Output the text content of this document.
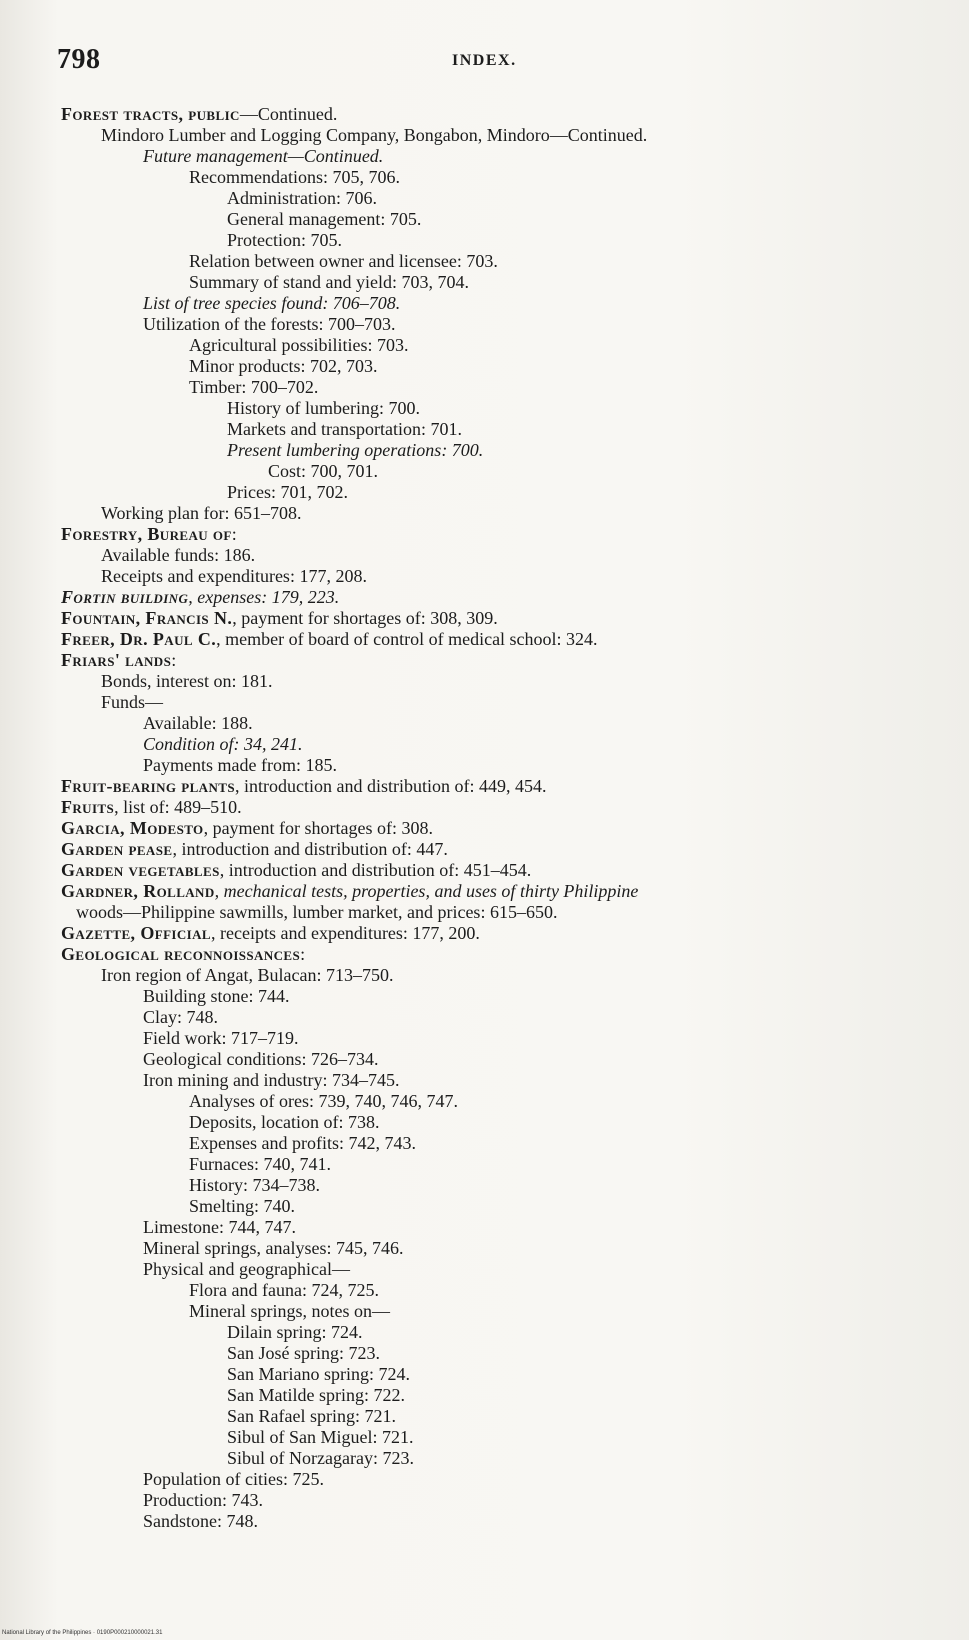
798	INDEX.
Forest tracts, public—Continued.
Mindoro Lumber and Logging Company, Bongabon, Mindoro—Continued.
Future management—Continued.
Recommendations: 705, 706.
Administration: 706.
General management: 705.
Protection: 705.
Relation between owner and licensee: 703.
Summary of stand and yield: 703, 704.
List of tree species found: 706–708.
Utilization of the forests: 700–703.
Agricultural possibilities: 703.
Minor products: 702, 703.
Timber: 700–702.
History of lumbering: 700.
Markets and transportation: 701.
Present lumbering operations: 700.
Cost: 700, 701.
Prices: 701, 702.
Working plan for: 651–708.
Forestry, Bureau of:
Available funds: 186.
Receipts and expenditures: 177, 208.
Fortin building, expenses: 179, 223.
Fountain, Francis N., payment for shortages of: 308, 309.
Freer, Dr. Paul C., member of board of control of medical school: 324.
Friars' lands:
Bonds, interest on: 181.
Funds—
Available: 188.
Condition of: 34, 241.
Payments made from: 185.
Fruit-bearing plants, introduction and distribution of: 449, 454.
Fruits, list of: 489–510.
Garcia, Modesto, payment for shortages of: 308.
Garden pease, introduction and distribution of: 447.
Garden vegetables, introduction and distribution of: 451–454.
Gardner, Rolland, mechanical tests, properties, and uses of thirty Philippine
woods—Philippine sawmills, lumber market, and prices: 615–650.
Gazette, Official, receipts and expenditures: 177, 200.
Geological reconnoissances:
Iron region of Angat, Bulacan: 713–750.
Building stone: 744.
Clay: 748.
Field work: 717–719.
Geological conditions: 726–734.
Iron mining and industry: 734–745.
Analyses of ores: 739, 740, 746, 747.
Deposits, location of: 738.
Expenses and profits: 742, 743.
Furnaces: 740, 741.
History: 734–738.
Smelting: 740.
Limestone: 744, 747.
Mineral springs, analyses: 745, 746.
Physical and geographical—
Flora and fauna: 724, 725.
Mineral springs, notes on—
Dilain spring: 724.
San José spring: 723.
San Mariano spring: 724.
San Matilde spring: 722.
San Rafael spring: 721.
Sibul of San Miguel: 721.
Sibul of Norzagaray: 723.
Population of cities: 725.
Production: 743.
Sandstone: 748.
National Library of the Philippines · 0190P000210000021.31
